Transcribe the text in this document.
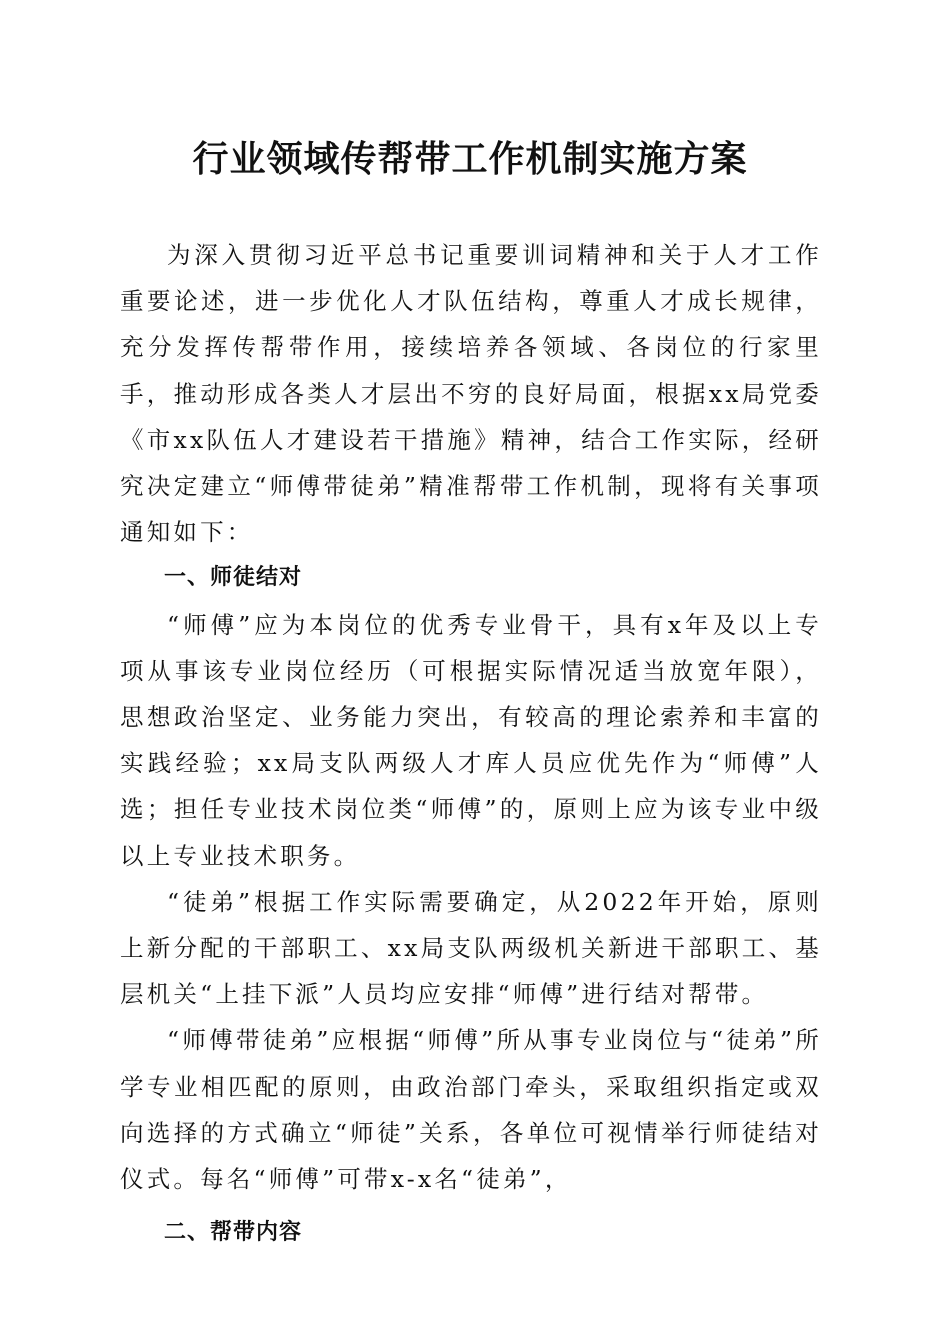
行业领域传帮带工作机制实施方案

为深入贯彻习近平总书记重要训词精神和关于人才工作重要论述，进一步优化人才队伍结构，尊重人才成长规律，充分发挥传帮带作用，接续培养各领域、各岗位的行家里手，推动形成各类人才层出不穷的良好局面，根据xx局党委《市xx队伍人才建设若干措施》精神，结合工作实际，经研究决定建立“师傅带徒弟”精准帮带工作机制，现将有关事项通知如下：

一、师徒结对

“师傅”应为本岗位的优秀专业骨干，具有x年及以上专项从事该专业岗位经历（可根据实际情况适当放宽年限），思想政治坚定、业务能力突出，有较高的理论索养和丰富的实践经验；xx局支队两级人才库人员应优先作为“师傅”人选；担任专业技术岗位类“师傅”的，原则上应为该专业中级以上专业技术职务。

“徒弟”根据工作实际需要确定，从2022年开始，原则上新分配的干部职工、xx局支队两级机关新进干部职工、基层机关“上挂下派”人员均应安排“师傅”进行结对帮带。

“师傅带徒弟”应根据“师傅”所从事专业岗位与“徒弟”所学专业相匹配的原则，由政治部门牵头，采取组织指定或双向选择的方式确立“师徒”关系，各单位可视情举行师徒结对仪式。每名“师傅”可带x-x名“徒弟”，

二、帮带内容
